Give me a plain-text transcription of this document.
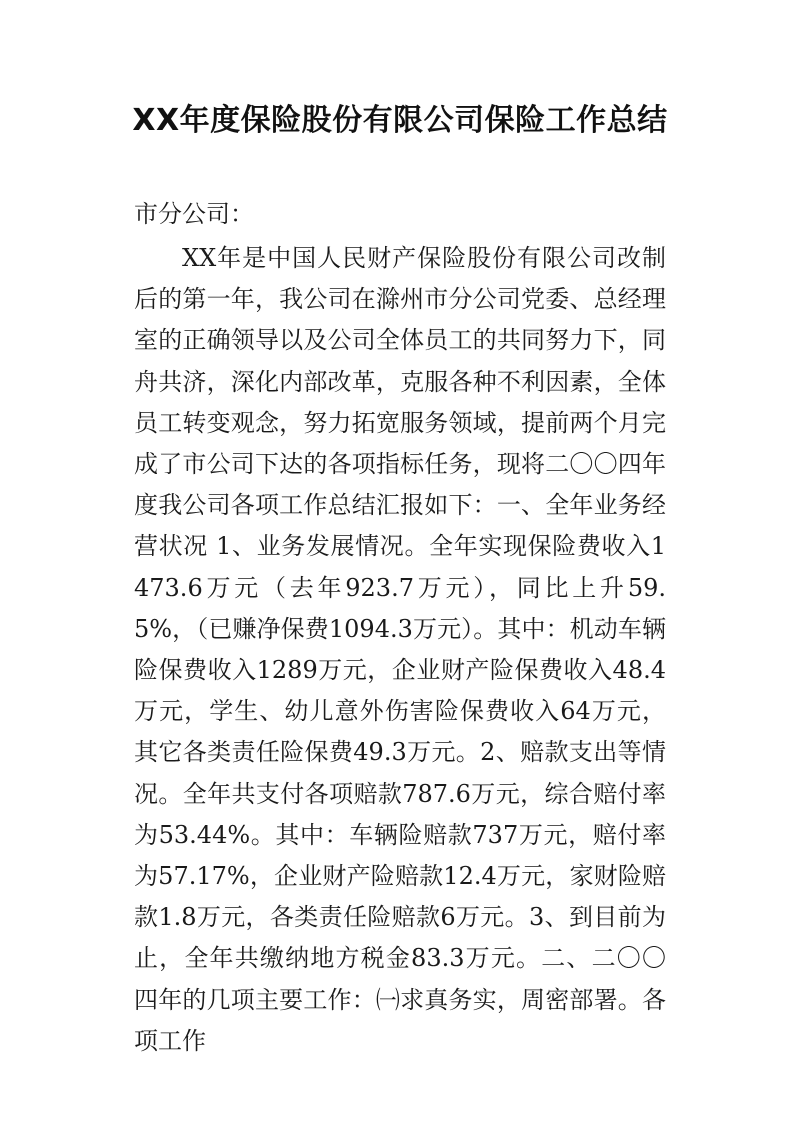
XX年度保险股份有限公司保险工作总结

市分公司：

XX年是中国人民财产保险股份有限公司改制后的第一年，我公司在滁州市分公司党委、总经理室的正确领导以及公司全体员工的共同努力下，同舟共济，深化内部改革，克服各种不利因素，全体员工转变观念，努力拓宽服务领域，提前两个月完成了市公司下达的各项指标任务，现将二〇〇四年度我公司各项工作总结汇报如下：一、全年业务经营状况 1、业务发展情况。全年实现保险费收入1473.6万元（去年923.7万元），同比上升59.5%，（已赚净保费1094.3万元）。其中：机动车辆险保费收入1289万元，企业财产险保费收入48.4万元，学生、幼儿意外伤害险保费收入64万元，其它各类责任险保费49.3万元。2、赔款支出等情况。全年共支付各项赔款787.6万元，综合赔付率为53.44%。其中：车辆险赔款737万元，赔付率为57.17%，企业财产险赔款12.4万元，家财险赔款1.8万元，各类责任险赔款6万元。3、到目前为止，全年共缴纳地方税金83.3万元。二、二〇〇四年的几项主要工作：㈠求真务实，周密部署。各项工作
